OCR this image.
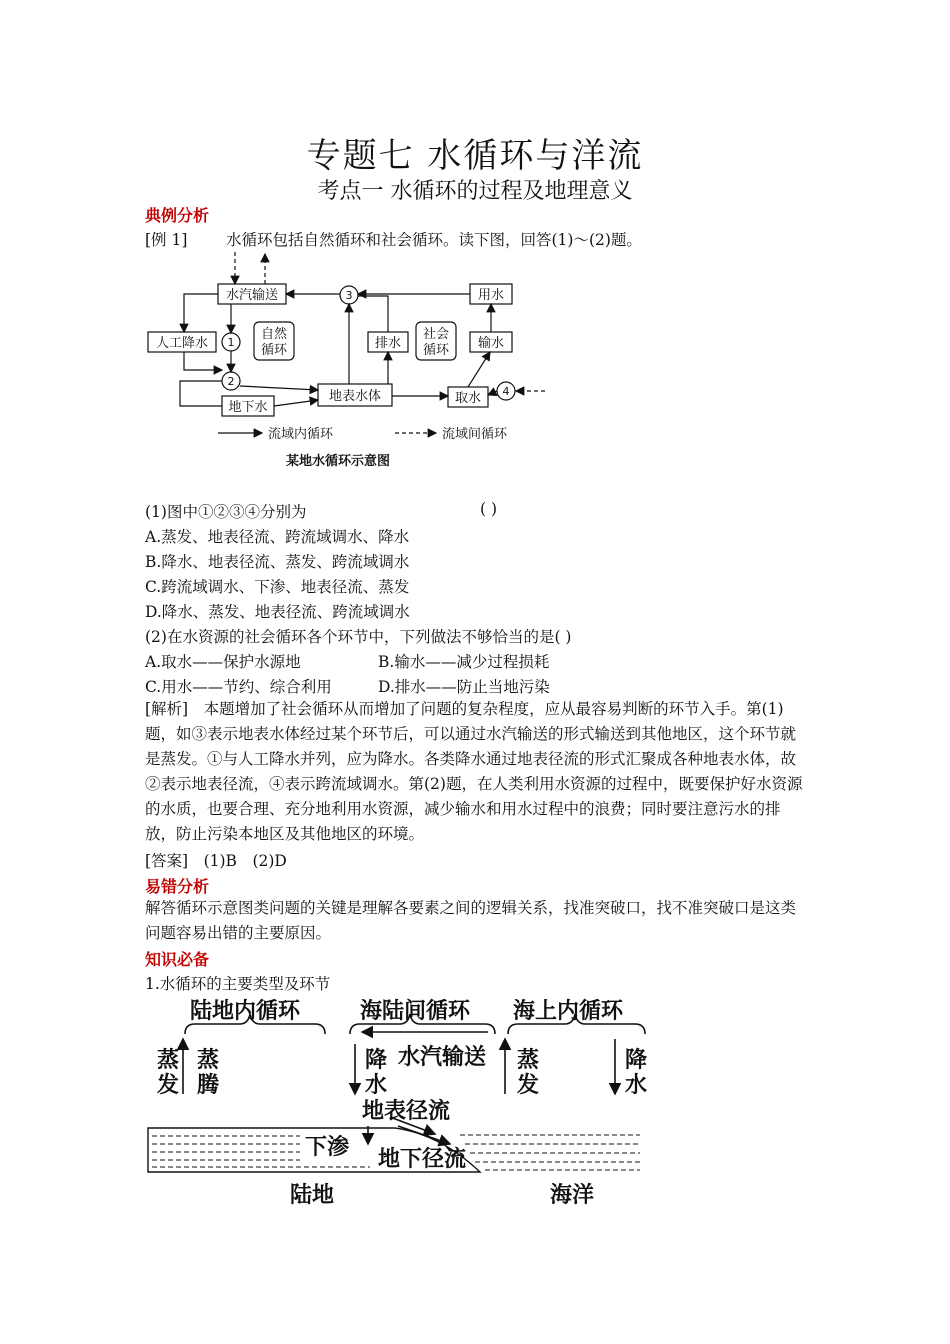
专题七 水循环与洋流
考点一 水循环的过程及地理意义
典例分析
[例 1] 水循环包括自然循环和社会循环。读下图，回答(1)～(2)题。
水汽输送	用水
人工降水
自然
循环	排水
社会
循环 输水
地下水
地表水体	取水
3
1
2
4
流域内循环	流域间循环
某地水循环示意图
(1)图中①②③④分别为	( )
A.蒸发、地表径流、跨流域调水、降水
B.降水、地表径流、蒸发、跨流域调水
C.跨流域调水、下渗、地表径流、蒸发
D.降水、蒸发、地表径流、跨流域调水
(2)在水资源的社会循环各个环节中，下列做法不够恰当的是( )
A.取水——保护水源地	B.输水——减少过程损耗
C.用水——节约、综合利用	D.排水——防止当地污染
[解析]　本题增加了社会循环从而增加了问题的复杂程度，应从最容易判断的环节入手。第(1)题，如③表示地表水体经过某个环节后，可以通过水汽输送的形式输送到其他地区，这个环节就是蒸发。①与人工降水并列，应为降水。各类降水通过地表径流的形式汇聚成各种地表水体，故②表示地表径流，④表示跨流域调水。第(2)题，在人类利用水资源的过程中，既要保护好水资源的水质，也要合理、充分地利用水资源，减少输水和用水过程中的浪费；同时要注意污水的排放，防止污染本地区及其他地区的环境。
[答案]　(1)B　(2)D
易错分析
解答循环示意图类问题的关键是理解各要素之间的逻辑关系，找准突破口，找不准突破口是这类问题容易出错的主要原因。
知识必备
1.水循环的主要类型及环节
陆地内循环	海陆间循环 海上内循环
蒸
发
蒸
腾
降
水
水汽输送 蒸
发
降
水
地表径流
下渗 地下径流
陆地	海洋
